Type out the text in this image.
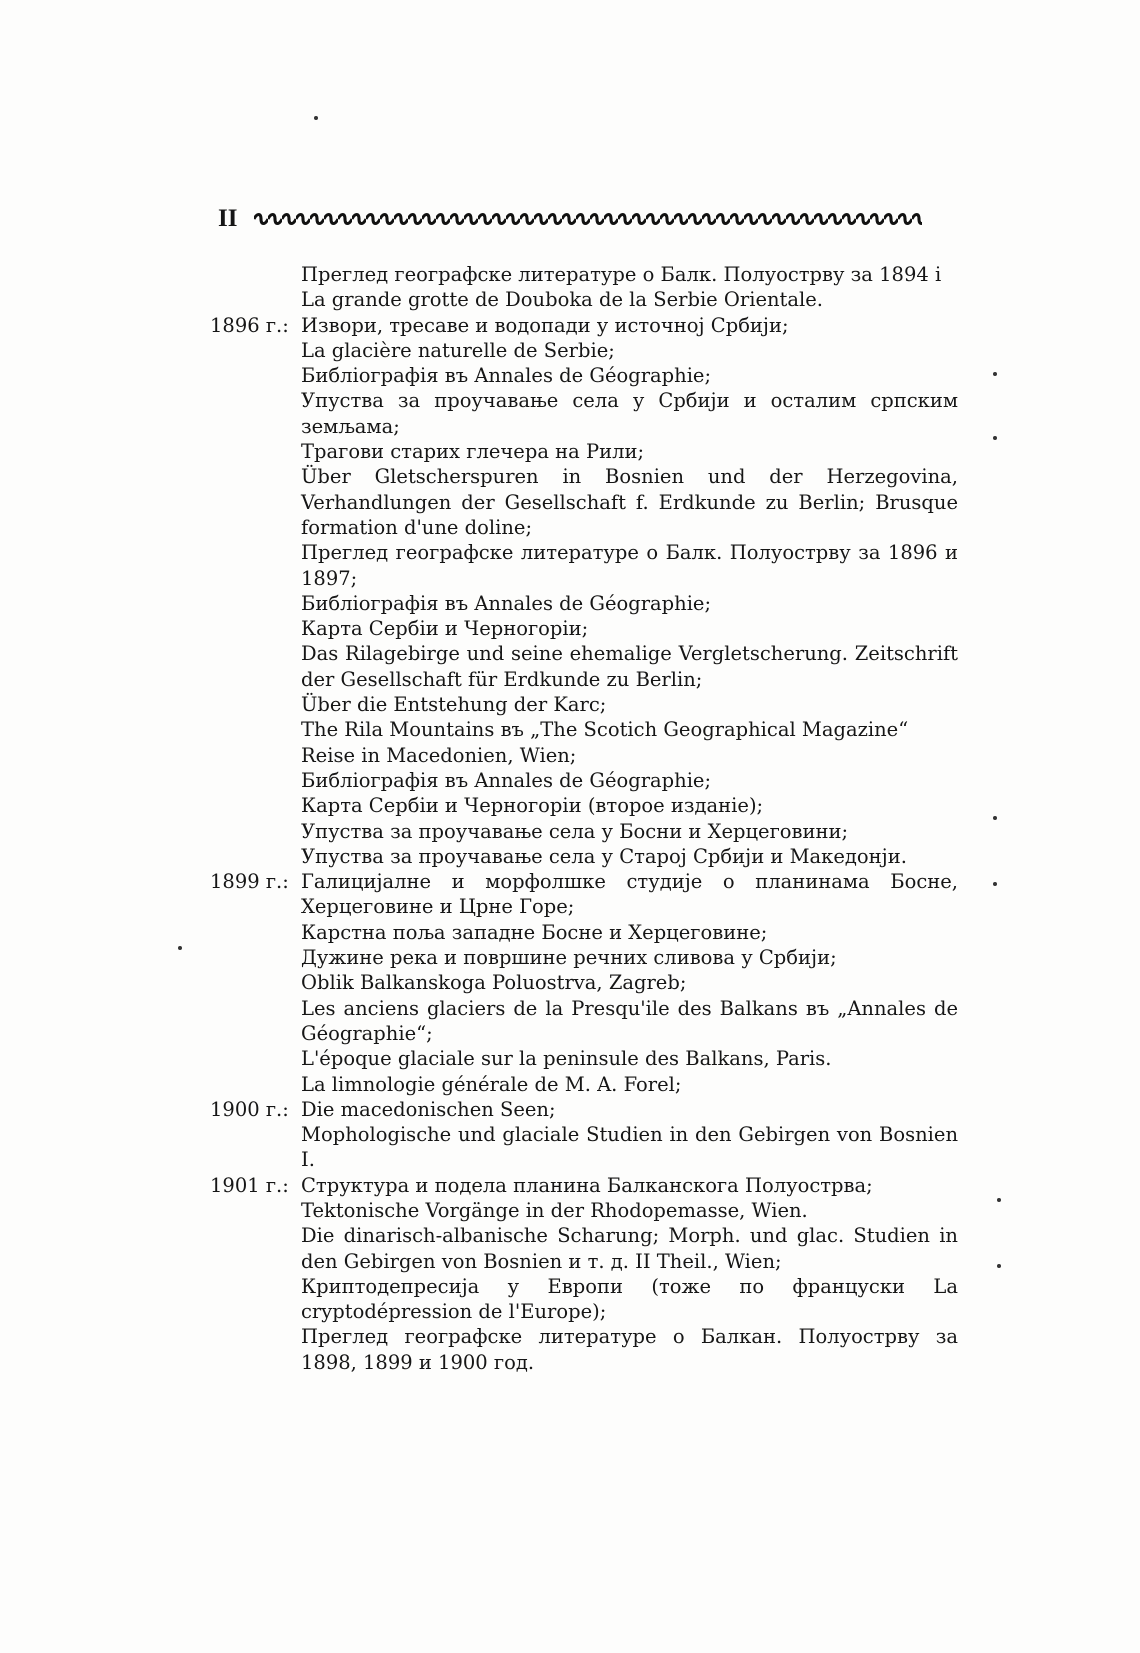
II
Преглед географске литературе о Балк. Полуострву за 1894 і
La grande grotte de Douboka de la Serbie Orientale.
1896 г.: Извори, тресаве и водопади у источној Србији;
La glacière naturelle de Serbie;
Библіографія въ Annales de Géographie;
Упуства за проучавање села у Србији и осталим српским земљама;
Трагови старих глечера на Рили;
Über Gletscherspuren in Bosnien und der Herzegovina, Verhandlungen der Gesellschaft f. Erdkunde zu Berlin; Brusque formation d'une doline;
Преглед географске литературе о Балк. Полуострву за 1896 и 1897;
Библіографія въ Annales de Géographie;
Карта Сербіи и Черногоріи;
Das Rilagebirge und seine ehemalige Vergletscherung. Zeitschrift der Gesellschaft für Erdkunde zu Berlin;
Über die Entstehung der Karc;
The Rila Mountains въ „The Scotich Geographical Magazine“
Reise in Macedonien, Wien;
Библіографія въ Annales de Géographie;
Карта Сербіи и Черногоріи (второе изданіе);
Упуства за проучавање села у Босни и Херцеговини;
Упуства за проучавање села у Старој Србији и Македонји.
1899 г.: Галицијалне и морфолшке студије о планинама Босне, Херцеговине и Црне Горе;
Карстна поља западне Босне и Херцеговине;
Дужине река и површине речних сливова у Србији;
Oblik Balkanskoga Poluostrva, Zagreb;
Les anciens glaciers de la Presqu'ile des Balkans въ „Annales de Géographie“;
L'époque glaciale sur la peninsule des Balkans, Paris.
La limnologie générale de M. A. Forel;
1900 г.: Die macedonischen Seen;
Mophologische und glaciale Studien in den Gebirgen von Bosnien I.
1901 г.: Структура и подела планина Балканскога Полуострва;
Tektonische Vorgänge in der Rhodopemasse, Wien.
Die dinarisch-albanische Scharung; Morph. und glac. Studien in den Gebirgen von Bosnien и т. д. II Theil., Wien;
Криптодепресија у Европи (тоже по француски La cryptodépression de l'Europe);
Преглед географске литературе о Балкан. Полуострву за 1898, 1899 и 1900 год.
